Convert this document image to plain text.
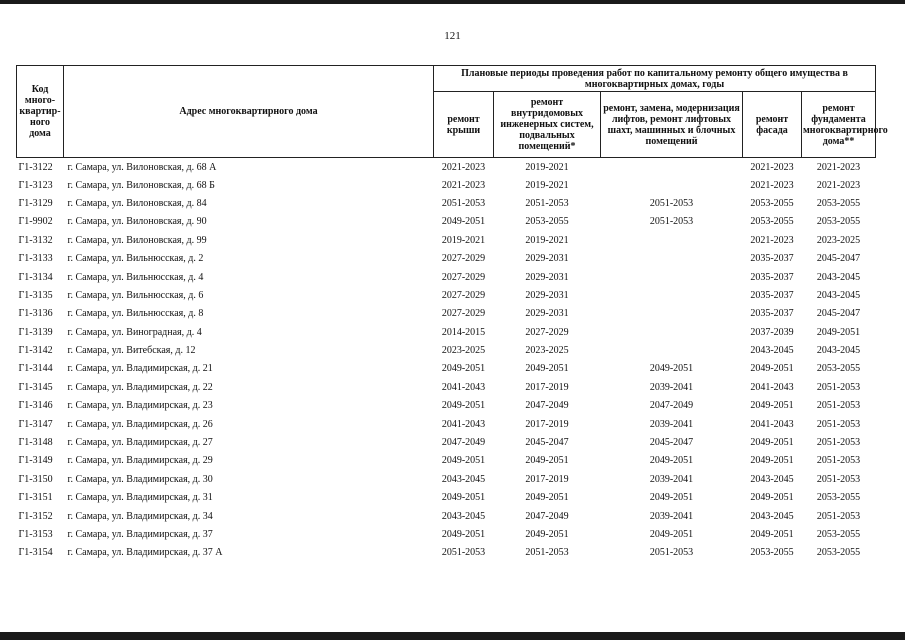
121
Код много-квартир-ного дома	Адрес многоквартирного дома	Плановые периоды проведения работ по капитальному ремонту общего имущества в многоквартирных домах, годы				
		ремонт крыши	ремонт внутридомовых инженерных систем, подвальных помещений*	ремонт, замена, модернизация лифтов, ремонт лифтовых шахт, машинных и блочных помещений	ремонт фасада	ремонт фундамента многоквартирного дома**
Г1-3122	г. Самара, ул. Вилоновская, д. 68 А	2021-2023	2019-2021		2021-2023	2021-2023
Г1-3123	г. Самара, ул. Вилоновская, д. 68 Б	2021-2023	2019-2021		2021-2023	2021-2023
Г1-3129	г. Самара, ул. Вилоновская, д. 84	2051-2053	2051-2053	2051-2053	2053-2055	2053-2055
Г1-9902	г. Самара, ул. Вилоновская, д. 90	2049-2051	2053-2055	2051-2053	2053-2055	2053-2055
Г1-3132	г. Самара, ул. Вилоновская, д. 99	2019-2021	2019-2021		2021-2023	2023-2025
Г1-3133	г. Самара, ул. Вильнюсская, д. 2	2027-2029	2029-2031		2035-2037	2045-2047
Г1-3134	г. Самара, ул. Вильнюсская, д. 4	2027-2029	2029-2031		2035-2037	2043-2045
Г1-3135	г. Самара, ул. Вильнюсская, д. 6	2027-2029	2029-2031		2035-2037	2043-2045
Г1-3136	г. Самара, ул. Вильнюсская, д. 8	2027-2029	2029-2031		2035-2037	2045-2047
Г1-3139	г. Самара, ул. Виноградная, д. 4	2014-2015	2027-2029		2037-2039	2049-2051
Г1-3142	г. Самара, ул. Витебская, д. 12	2023-2025	2023-2025		2043-2045	2043-2045
Г1-3144	г. Самара, ул. Владимирская, д. 21	2049-2051	2049-2051	2049-2051	2049-2051	2053-2055
Г1-3145	г. Самара, ул. Владимирская, д. 22	2041-2043	2017-2019	2039-2041	2041-2043	2051-2053
Г1-3146	г. Самара, ул. Владимирская, д. 23	2049-2051	2047-2049	2047-2049	2049-2051	2051-2053
Г1-3147	г. Самара, ул. Владимирская, д. 26	2041-2043	2017-2019	2039-2041	2041-2043	2051-2053
Г1-3148	г. Самара, ул. Владимирская, д. 27	2047-2049	2045-2047	2045-2047	2049-2051	2051-2053
Г1-3149	г. Самара, ул. Владимирская, д. 29	2049-2051	2049-2051	2049-2051	2049-2051	2051-2053
Г1-3150	г. Самара, ул. Владимирская, д. 30	2043-2045	2017-2019	2039-2041	2043-2045	2051-2053
Г1-3151	г. Самара, ул. Владимирская, д. 31	2049-2051	2049-2051	2049-2051	2049-2051	2053-2055
Г1-3152	г. Самара, ул. Владимирская, д. 34	2043-2045	2047-2049	2039-2041	2043-2045	2051-2053
Г1-3153	г. Самара, ул. Владимирская, д. 37	2049-2051	2049-2051	2049-2051	2049-2051	2053-2055
Г1-3154	г. Самара, ул. Владимирская, д. 37 А	2051-2053	2051-2053	2051-2053	2053-2055	2053-2055
